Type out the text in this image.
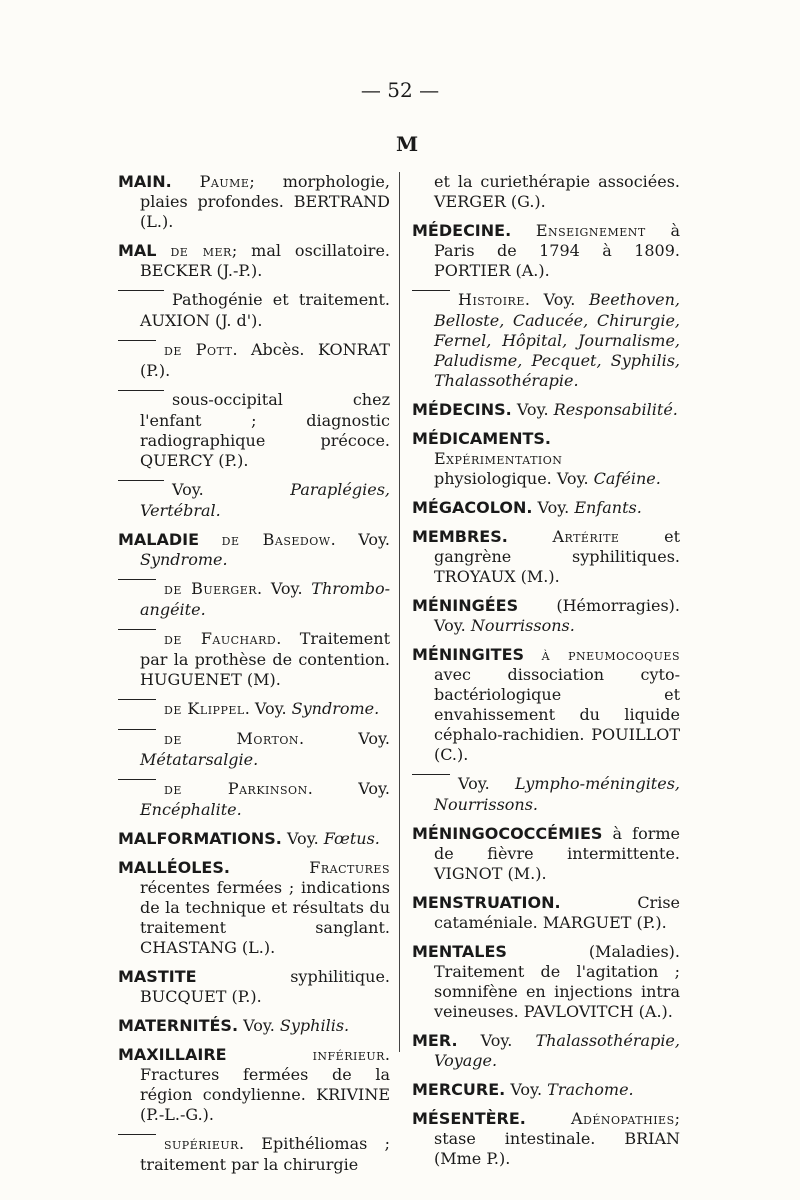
— 52 —
M
MAIN. Paume; morphologie, plaies profondes. BERTRAND (L.).
MAL de mer; mal oscillatoire. BECKER (J.-P.).
Pathogénie et traitement. AUXION (J. d').
de Pott. Abcès. KONRAT (P.).
sous-occipital chez l'enfant ; diagnostic radiographique précoce. QUERCY (P.).
Voy.	Paraplégies, Vertébral.
MALADIE de Basedow. Voy. Syndrome.
de Buerger. Voy. Thrombo-angéite.
de Fauchard. Traitement par la prothèse de contention. HUGUENET (M).
de Klippel. Voy. Syndrome.
de Morton. Voy. Métatarsalgie.
de Parkinson. Voy. Encéphalite.
MALFORMATIONS. Voy. Fœtus.
MALLÉOLES.	Fractures récentes fermées ; indications de la technique et résultats du traitement sanglant. CHASTANG (L.).
MASTITE	syphilitique. BUCQUET (P.).
MATERNITÉS. Voy. Syphilis.
MAXILLAIRE	inférieur. Fractures fermées de la région condylienne. KRIVINE (P.-L.-G.).
supérieur. Epithéliomas ; traitement par la chirurgie
et la curiethérapie associées. VERGER (G.).
MÉDECINE. Enseignement à Paris de 1794 à 1809. PORTIER (A.).
Histoire. Voy. Beethoven, Belloste, Caducée, Chirurgie, Fernel, Hôpital, Journalisme, Paludisme, Pecquet, Syphilis, Thalassothérapie.
MÉDECINS. Voy. Responsabilité.
MÉDICAMENTS. Expérimentation physiologique. Voy. Caféine.
MÉGACOLON. Voy. Enfants.
MEMBRES.	Artérite	et gangrène syphilitiques. TROYAUX (M.).
MÉNINGÉES (Hémorragies). Voy. Nourrissons.
MÉNINGITES à pneumocoques avec dissociation cyto-bactériologique et envahissement du liquide céphalo-rachidien. POUILLOT (C.).
Voy. Lympho-méningites, Nourrissons.
MÉNINGOCOCCÉMIES à forme de fièvre intermittente. VIGNOT (M.).
MENSTRUATION.	Crise cataméniale. MARGUET (P.).
MENTALES	(Maladies). Traitement de l'agitation ; somnifène en injections intra veineuses. PAVLOVITCH (A.).
MER. Voy. Thalassothérapie, Voyage.
MERCURE. Voy. Trachome.
MÉSENTÈRE.	Adénopathies; stase intestinale. BRIAN (Mme P.).
